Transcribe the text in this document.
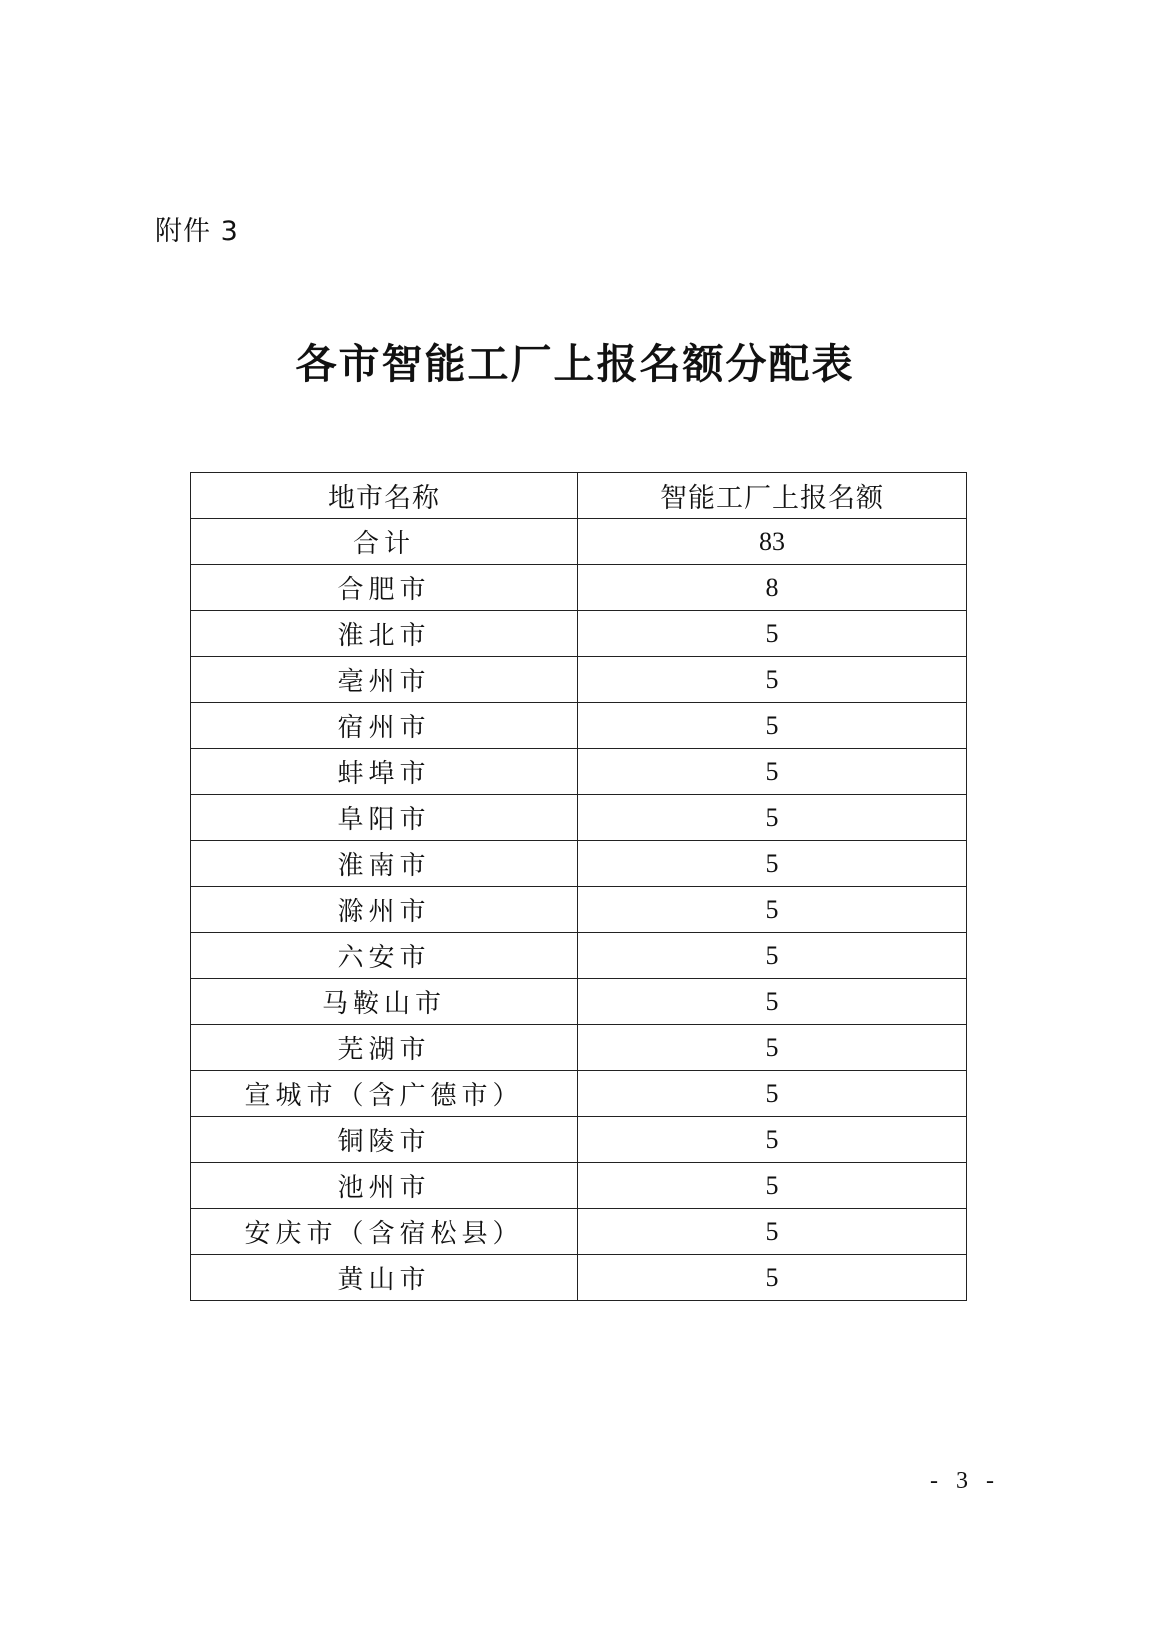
附件 3
各市智能工厂上报名额分配表
地市名称	智能工厂上报名额
合计	83
合肥市	8
淮北市	5
亳州市	5
宿州市	5
蚌埠市	5
阜阳市	5
淮南市	5
滁州市	5
六安市	5
马鞍山市	5
芜湖市	5
宣城市（含广德市）	5
铜陵市	5
池州市	5
安庆市（含宿松县）	5
黄山市	5
- 3 -
